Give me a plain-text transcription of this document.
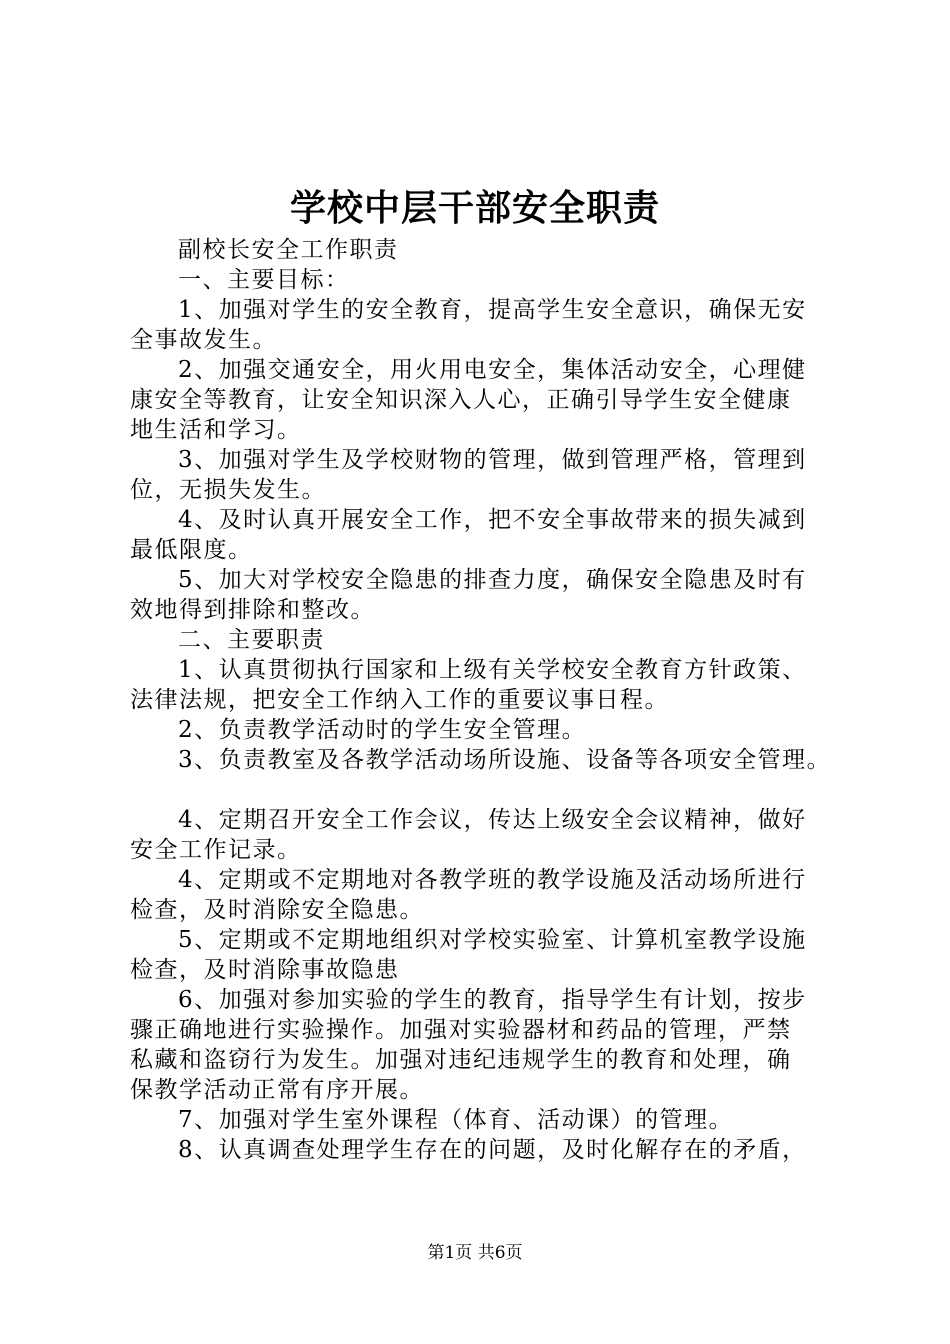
学校中层干部安全职责
副校长安全工作职责
一、主要目标：
1、加强对学生的安全教育，提高学生安全意识，确保无安
全事故发生。
2、加强交通安全，用火用电安全，集体活动安全，心理健
康安全等教育，让安全知识深入人心，正确引导学生安全健康
地生活和学习。
3、加强对学生及学校财物的管理，做到管理严格，管理到
位，无损失发生。
4、及时认真开展安全工作，把不安全事故带来的损失减到
最低限度。
5、加大对学校安全隐患的排查力度，确保安全隐患及时有
效地得到排除和整改。
二、主要职责
1、认真贯彻执行国家和上级有关学校安全教育方针政策、
法律法规，把安全工作纳入工作的重要议事日程。
2、负责教学活动时的学生安全管理。
3、负责教室及各教学活动场所设施、设备等各项安全管理。
4、定期召开安全工作会议，传达上级安全会议精神，做好
安全工作记录。
4、定期或不定期地对各教学班的教学设施及活动场所进行
检查，及时消除安全隐患。
5、定期或不定期地组织对学校实验室、计算机室教学设施
检查，及时消除事故隐患
6、加强对参加实验的学生的教育，指导学生有计划，按步
骤正确地进行实验操作。加强对实验器材和药品的管理，严禁
私藏和盗窃行为发生。加强对违纪违规学生的教育和处理，确
保教学活动正常有序开展。
7、加强对学生室外课程（体育、活动课）的管理。
8、认真调查处理学生存在的问题，及时化解存在的矛盾，
第1页 共6页
